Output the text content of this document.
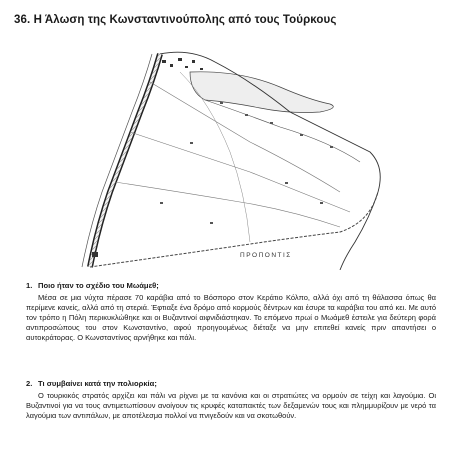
36. Η Άλωση της Κωνσταντινούπολης από τους Τούρκους
ΠΡΟΠΟΝΤΙΣ
1. Ποιο ήταν το σχέδιο του Μωάμεθ;
Μέσα σε μια νύχτα πέρασε 70 καράβια από το Βόσπορο στον Κεράτιο Κόλπο, αλλά όχι από τη θάλασσα όπως θα περίμενε κανείς, αλλά από τη στεριά. Έφτιαξε ένα δρόμο από κορμούς δέντρων και έσυρε τα καράβια του από κει. Με αυτό τον τρόπο η Πόλη περικυκλώθηκε και οι Βυζαντινοί αιφνιδιάστηκαν. Το επόμενο πρωί ο Μωάμεθ έστειλε για δεύτερη φορά αντιπροσώπους του στον Κωνσταντίνο, αφού προηγουμένως διέταξε να μην επιτεθεί κανείς πριν απαντήσει ο αυτοκράτορας. Ο Κωνσταντίνος αρνήθηκε και πάλι.
2. Τι συμβαίνει κατά την πολιορκία;
Ο τουρκικός στρατός αρχίζει και πάλι να ρίχνει με τα κανόνια και οι στρατιώτες να ορμούν σε τείχη και λαγούμια. Οι Βυζαντινοί για να τους αντιμετωπίσουν ανοίγουν τις κρυφές καταπακτές των δεξαμενών τους και πλημμυρίζουν με νερό τα λαγούμια των αντιπάλων, με αποτέλεσμα πολλοί να πνιγεδούν και να σκοτωθούν.
